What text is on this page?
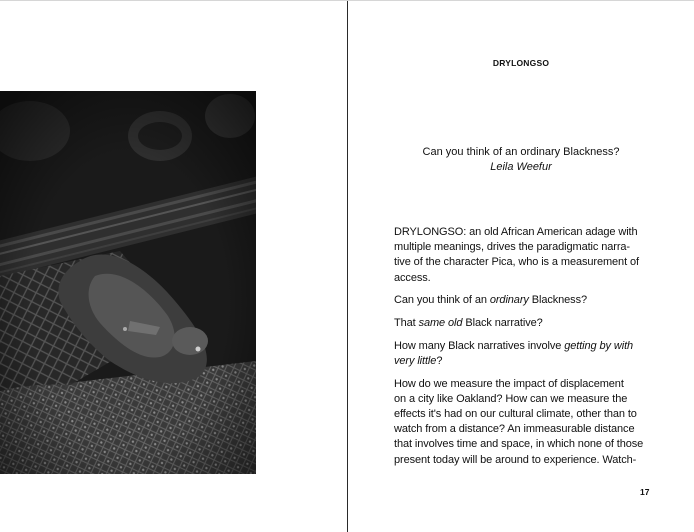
DRYLONGSO
Can you think of an ordinary Blackness?
Leila Weefur

DRYLONGSO: an old African American adage with
multiple meanings, drives the paradigmatic narra-
tive of the character Pica, who is a measurement of
access.

Can you think of an ordinary Blackness?

That same old Black narrative?

How many Black narratives involve getting by with
very little?

How do we measure the impact of displacement
on a city like Oakland? How can we measure the
effects it's had on our cultural climate, other than to
watch from a distance? An immeasurable distance
that involves time and space, in which none of those
present today will be around to experience. Watch-

17
